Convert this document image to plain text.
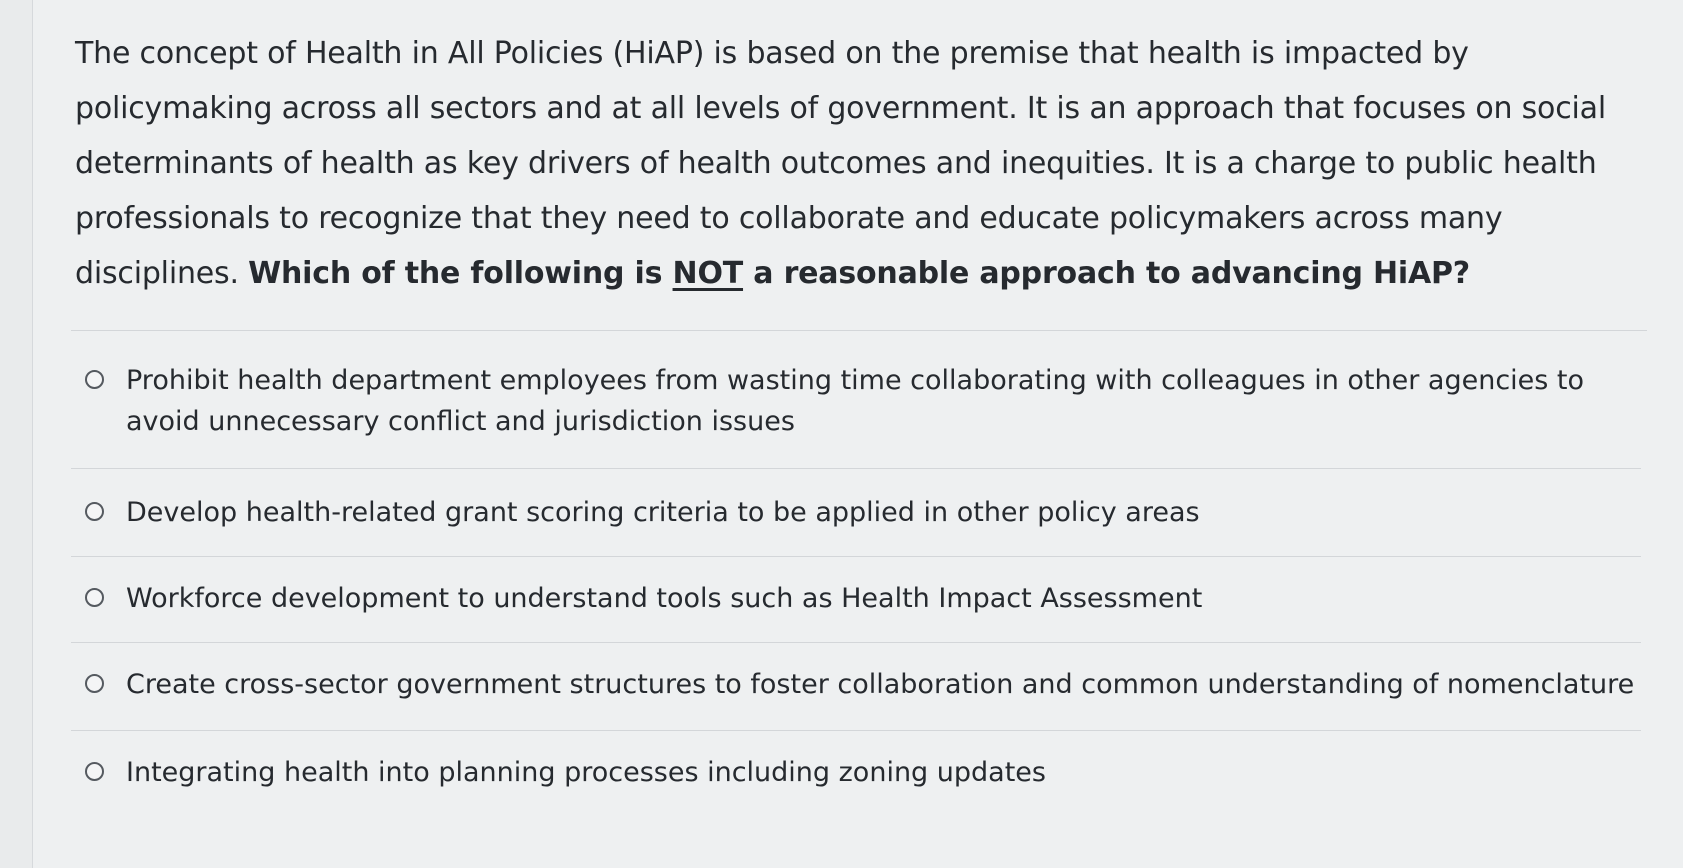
The concept of Health in All Policies (HiAP) is based on the premise that health is impacted by policymaking across all sectors and at all levels of government. It is an approach that focuses on social determinants of health as key drivers of health outcomes and inequities. It is a charge to public health professionals to recognize that they need to collaborate and educate policymakers across many disciplines. Which of the following is NOT a reasonable approach to advancing HiAP?
Prohibit health department employees from wasting time collaborating with colleagues in other agencies to avoid unnecessary conflict and jurisdiction issues
Develop health-related grant scoring criteria to be applied in other policy areas
Workforce development to understand tools such as Health Impact Assessment
Create cross-sector government structures to foster collaboration and common understanding of nomenclature
Integrating health into planning processes including zoning updates
